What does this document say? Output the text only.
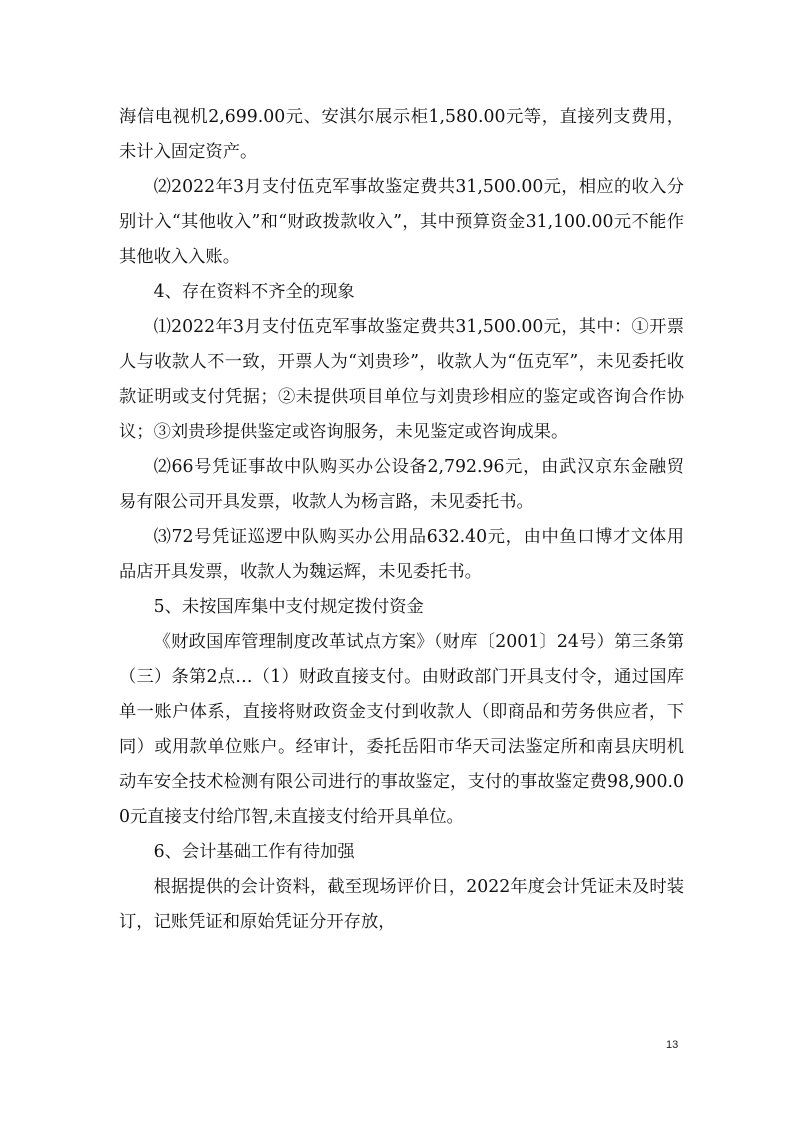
海信电视机2,699.00元、安淇尔展示柜1,580.00元等，直接列支费用，未计入固定资产。

⑵2022年3月支付伍克军事故鉴定费共31,500.00元，相应的收入分别计入“其他收入”和“财政拨款收入”，其中预算资金31,100.00元不能作其他收入入账。

4、存在资料不齐全的现象

⑴2022年3月支付伍克军事故鉴定费共31,500.00元，其中：①开票人与收款人不一致，开票人为“刘贵珍”，收款人为“伍克军”，未见委托收款证明或支付凭据；②未提供项目单位与刘贵珍相应的鉴定或咨询合作协议；③刘贵珍提供鉴定或咨询服务，未见鉴定或咨询成果。

⑵66号凭证事故中队购买办公设备2,792.96元，由武汉京东金融贸易有限公司开具发票，收款人为杨言路，未见委托书。

⑶72号凭证巡逻中队购买办公用品632.40元，由中鱼口博才文体用品店开具发票，收款人为魏运辉，未见委托书。

5、未按国库集中支付规定拨付资金

《财政国库管理制度改革试点方案》（财库〔2001〕24号）第三条第（三）条第2点…（1）财政直接支付。由财政部门开具支付令，通过国库单一账户体系，直接将财政资金支付到收款人（即商品和劳务供应者，下同）或用款单位账户。经审计，委托岳阳市华天司法鉴定所和南县庆明机动车安全技术检测有限公司进行的事故鉴定，支付的事故鉴定费98,900.00元直接支付给邝智,未直接支付给开具单位。

6、会计基础工作有待加强

根据提供的会计资料，截至现场评价日，2022年度会计凭证未及时装订，记账凭证和原始凭证分开存放，

13
